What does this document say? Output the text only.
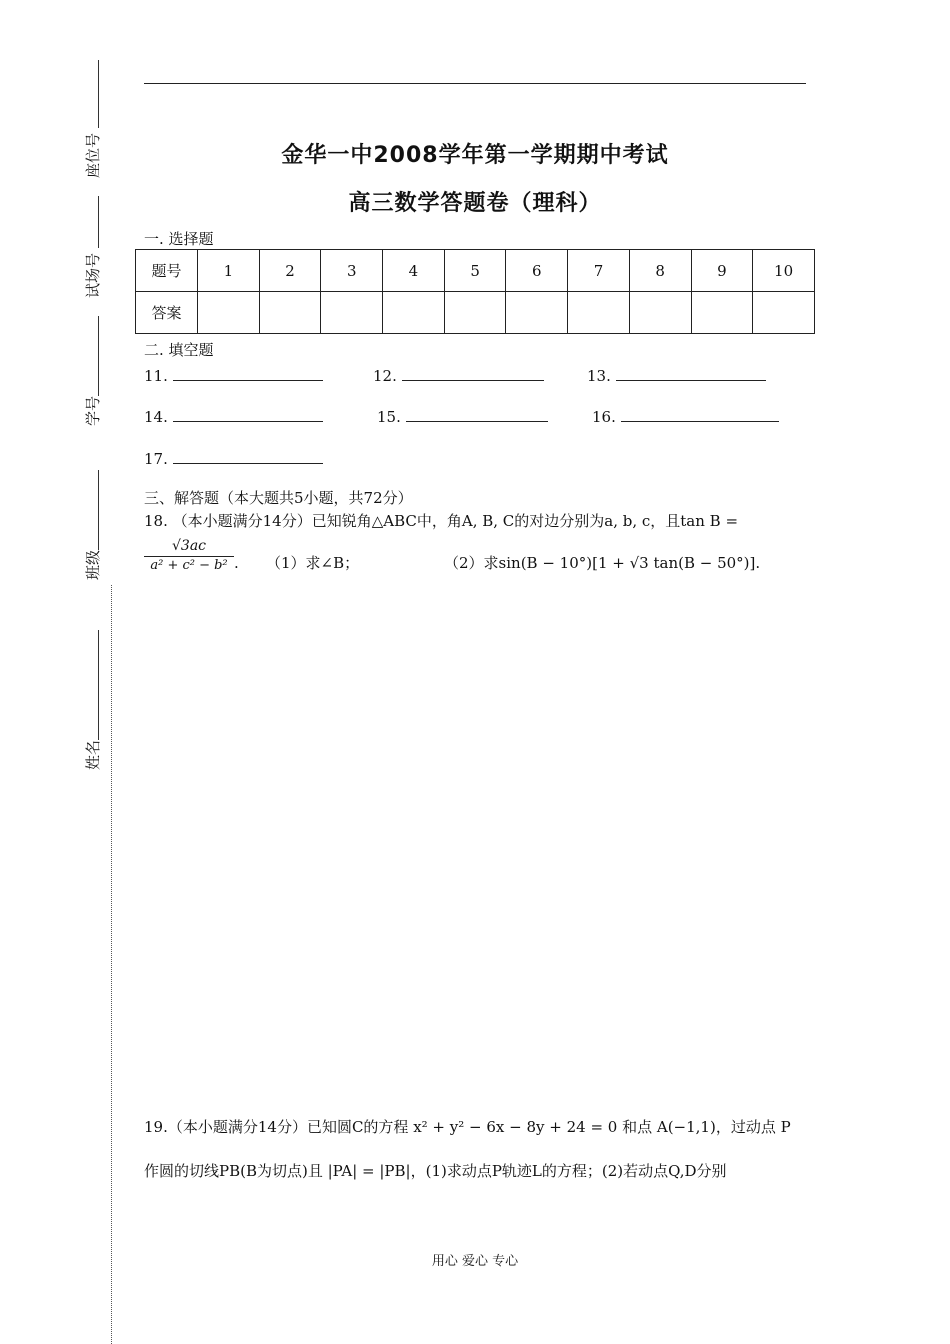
座位号
试场号
学号
班级
姓名
金华一中2008学年第一学期期中考试
高三数学答题卷（理科）
一. 选择题
题号	1	2	3	4	5	6	7	8	9	10
答案										
二. 填空题
11.	12.	13.
14.	15.	16.
17.
三、解答题（本大题共5小题，共72分）
18. （本小题满分14分）已知锐角△ABC中，角A, B, C的对边分别为a, b, c，且tan B =
$\frac{√3ac}{\text{a² + c² − b²}}$ . （1）求∠B；	（2）求sin(B − 10°)[1 + √3 tan(B − 50°)].
19.（本小题满分14分）已知圆C的方程 x² + y² − 6x − 8y + 24 = 0 和点 A(−1,1)，过动点 P
作圆的切线PB(B为切点)且 |PA| = |PB|，(1)求动点P轨迹L的方程；(2)若动点Q,D分别
用心 爱心 专心
